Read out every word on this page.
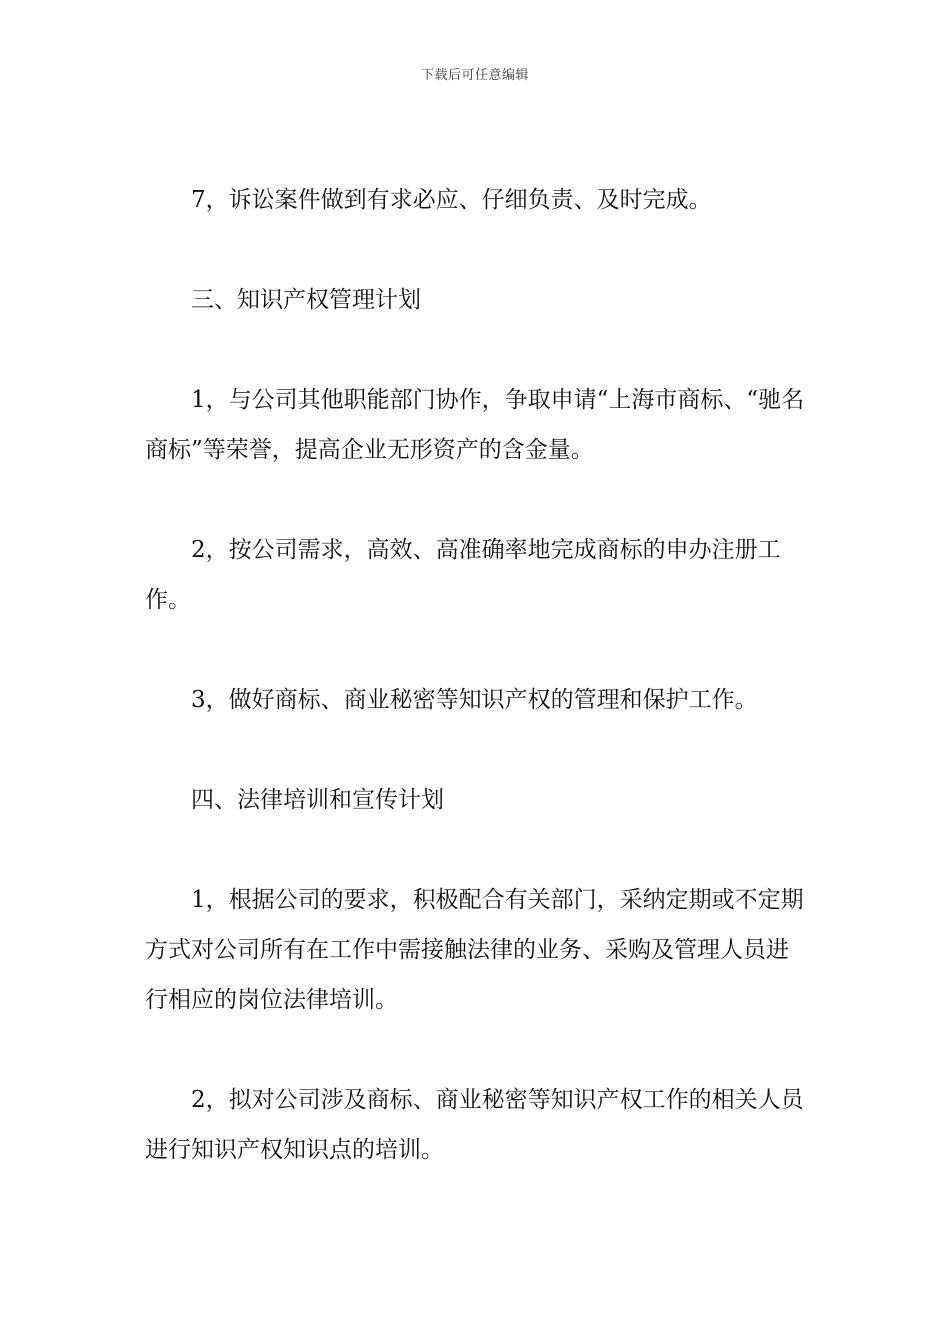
下载后可任意编辑

7，诉讼案件做到有求必应、仔细负责、及时完成。

三、知识产权管理计划

1，与公司其他职能部门协作，争取申请“上海市商标、“驰名商标”等荣誉，提高企业无形资产的含金量。

2，按公司需求，高效、高准确率地完成商标的申办注册工作。

3，做好商标、商业秘密等知识产权的管理和保护工作。

四、法律培训和宣传计划

1，根据公司的要求，积极配合有关部门，采纳定期或不定期方式对公司所有在工作中需接触法律的业务、采购及管理人员进行相应的岗位法律培训。

2，拟对公司涉及商标、商业秘密等知识产权工作的相关人员进行知识产权知识点的培训。
